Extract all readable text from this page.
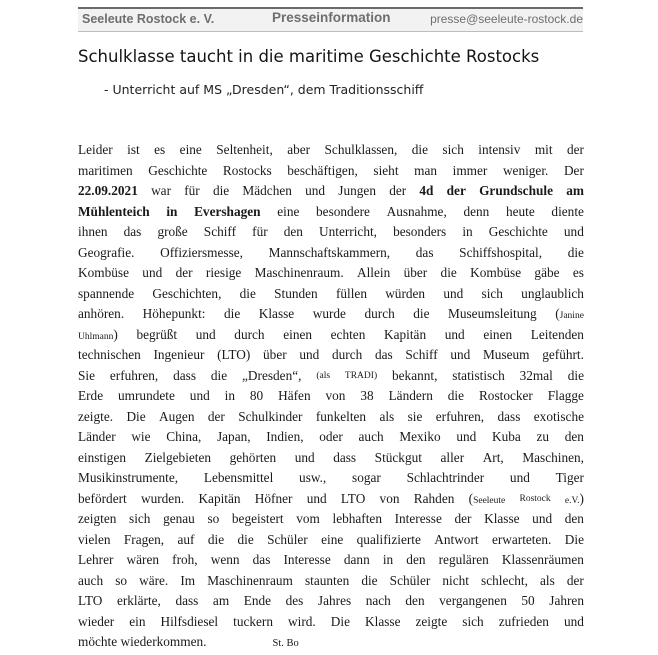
Seeleute Rostock e. V.	Presseinformation	presse@seeleute-rostock.de
Schulklasse taucht in die maritime Geschichte Rostocks
- Unterricht auf MS „Dresden“, dem Traditionsschiff
Leider ist es eine Seltenheit, aber Schulklassen, die sich intensiv mit der
maritimen Geschichte Rostocks beschäftigen, sieht man immer weniger. Der
22.09.2021 war für die Mädchen und Jungen der 4d der Grundschule am
Mühlenteich in Evershagen eine besondere Ausnahme, denn heute diente
ihnen das große Schiff für den Unterricht, besonders in Geschichte und
Geografie. Offiziersmesse, Mannschaftskammern, das Schiffshospital, die
Kombüse und der riesige Maschinenraum. Allein über die Kombüse gäbe es
spannende Geschichten, die Stunden füllen würden und sich unglaublich
anhören. Höhepunkt: die Klasse wurde durch die Museumsleitung (Janine
Uhlmann) begrüßt und durch einen echten Kapitän und einen Leitenden
technischen Ingenieur (LTO) über und durch das Schiff und Museum geführt.
Sie erfuhren, dass die „Dresden“, (als TRADI) bekannt, statistisch 32mal die
Erde umrundete und in 80 Häfen von 38 Ländern die Rostocker Flagge
zeigte. Die Augen der Schulkinder funkelten als sie erfuhren, dass exotische
Länder wie China, Japan, Indien, oder auch Mexiko und Kuba zu den
einstigen Zielgebieten gehörten und dass Stückgut aller Art, Maschinen,
Musikinstrumente, Lebensmittel usw., sogar Schlachtrinder und Tiger
befördert wurden. Kapitän Höfner und LTO von Rahden (Seeleute Rostock e.V.)
zeigten sich genau so begeistert vom lebhaften Interesse der Klasse und den
vielen Fragen, auf die die Schüler eine qualifizierte Antwort erwarteten. Die
Lehrer wären froh, wenn das Interesse dann in den regulären Klassenräumen
auch so wäre. Im Maschinenraum staunten die Schüler nicht schlecht, als der
LTO erklärte, dass am Ende des Jahres nach den vergangenen 50 Jahren
wieder ein Hilfsdiesel tuckern wird. Die Klasse zeigte sich zufrieden und
möchte wiederkommen.	St. Bo
